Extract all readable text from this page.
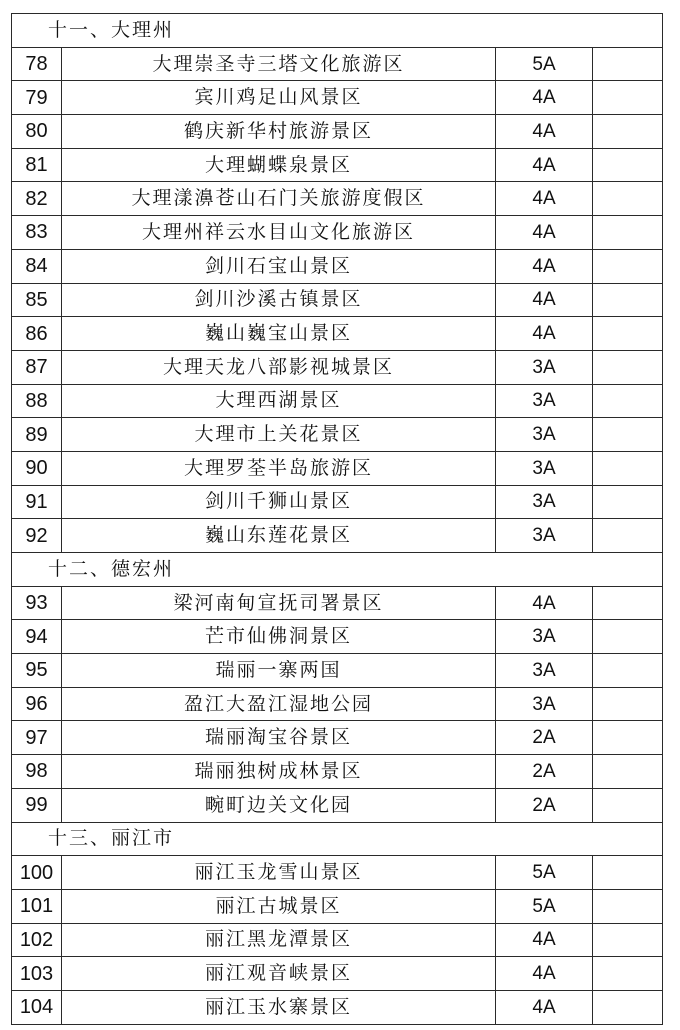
十一、大理州			
78	大理崇圣寺三塔文化旅游区	5A	
79	宾川鸡足山风景区	4A	
80	鹤庆新华村旅游景区	4A	
81	大理蝴蝶泉景区	4A	
82	大理漾濞苍山石门关旅游度假区	4A	
83	大理州祥云水目山文化旅游区	4A	
84	剑川石宝山景区	4A	
85	剑川沙溪古镇景区	4A	
86	巍山巍宝山景区	4A	
87	大理天龙八部影视城景区	3A	
88	大理西湖景区	3A	
89	大理市上关花景区	3A	
90	大理罗荃半岛旅游区	3A	
91	剑川千狮山景区	3A	
92	巍山东莲花景区	3A	
十二、德宏州			
93	梁河南甸宣抚司署景区	4A	
94	芒市仙佛洞景区	3A	
95	瑞丽一寨两国	3A	
96	盈江大盈江湿地公园	3A	
97	瑞丽淘宝谷景区	2A	
98	瑞丽独树成林景区	2A	
99	畹町边关文化园	2A	
十三、丽江市			
100	丽江玉龙雪山景区	5A	
101	丽江古城景区	5A	
102	丽江黑龙潭景区	4A	
103	丽江观音峡景区	4A	
104	丽江玉水寨景区	4A	
